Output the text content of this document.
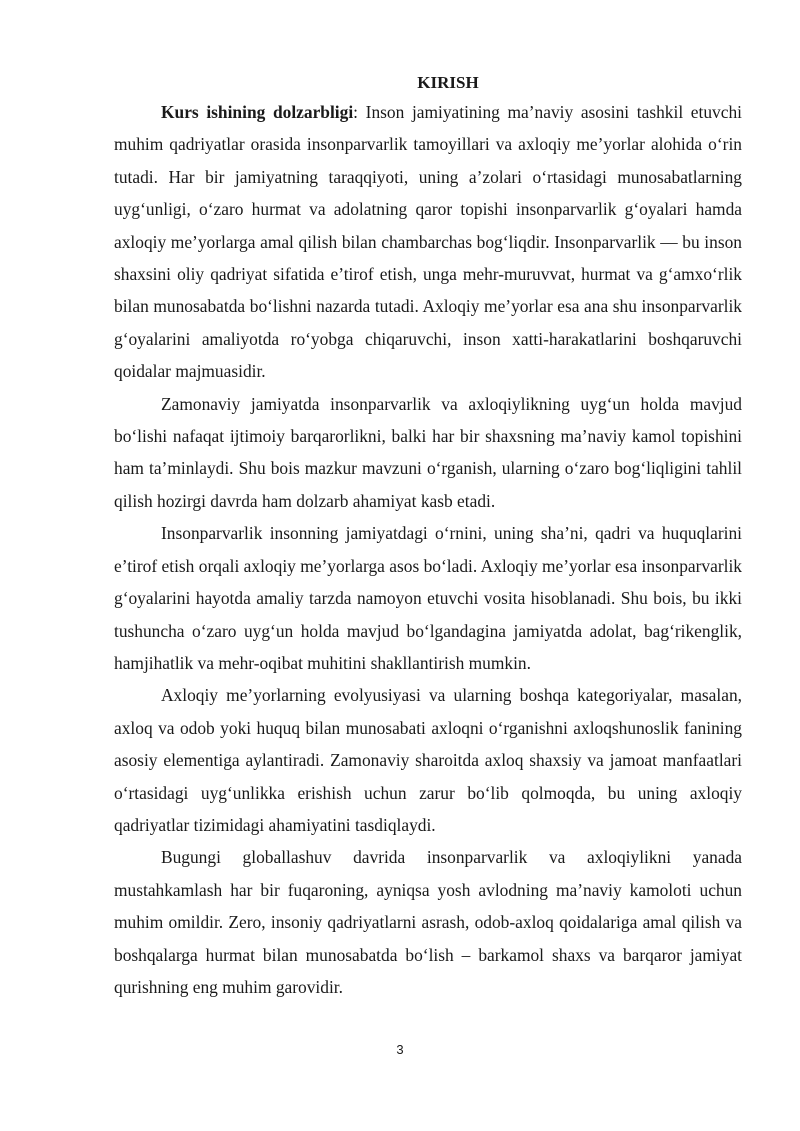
KIRISH

Kurs ishining dolzarbligi: Inson jamiyatining ma’naviy asosini tashkil etuvchi muhim qadriyatlar orasida insonparvarlik tamoyillari va axloqiy me’yorlar alohida o‘rin tutadi. Har bir jamiyatning taraqqiyoti, uning a’zolari o‘rtasidagi munosabatlarning uyg‘unligi, o‘zaro hurmat va adolatning qaror topishi insonparvarlik g‘oyalari hamda axloqiy me’yorlarga amal qilish bilan chambarchas bog‘liqdir. Insonparvarlik — bu inson shaxsini oliy qadriyat sifatida e’tirof etish, unga mehr-muruvvat, hurmat va g‘amxo‘rlik bilan munosabatda bo‘lishni nazarda tutadi. Axloqiy me’yorlar esa ana shu insonparvarlik g‘oyalarini amaliyotda ro‘yobga chiqaruvchi, inson xatti-harakatlarini boshqaruvchi qoidalar majmuasidir.

Zamonaviy jamiyatda insonparvarlik va axloqiylikning uyg‘un holda mavjud bo‘lishi nafaqat ijtimoiy barqarorlikni, balki har bir shaxsning ma’naviy kamol topishini ham ta’minlaydi. Shu bois mazkur mavzuni o‘rganish, ularning o‘zaro bog‘liqligini tahlil qilish hozirgi davrda ham dolzarb ahamiyat kasb etadi.

Insonparvarlik insonning jamiyatdagi o‘rnini, uning sha’ni, qadri va huquqlarini e’tirof etish orqali axloqiy me’yorlarga asos bo‘ladi. Axloqiy me’yorlar esa insonparvarlik g‘oyalarini hayotda amaliy tarzda namoyon etuvchi vosita hisoblanadi. Shu bois, bu ikki tushuncha o‘zaro uyg‘un holda mavjud bo‘lgandagina jamiyatda adolat, bag‘rikenglik, hamjihatlik va mehr-oqibat muhitini shakllantirish mumkin.

Axloqiy me’yorlarning evolyusiyasi va ularning boshqa kategoriyalar, masalan, axloq va odob yoki huquq bilan munosabati axloqni o‘rganishni axloqshunoslik fanining asosiy elementiga aylantiradi. Zamonaviy sharoitda axloq shaxsiy va jamoat manfaatlari o‘rtasidagi uyg‘unlikka erishish uchun zarur bo‘lib qolmoqda, bu uning axloqiy qadriyatlar tizimidagi ahamiyatini tasdiqlaydi.

Bugungi globallashuv davrida insonparvarlik va axloqiylikni yanada mustahkamlash har bir fuqaroning, ayniqsa yosh avlodning ma’naviy kamoloti uchun muhim omildir. Zero, insoniy qadriyatlarni asrash, odob-axloq qoidalariga amal qilish va boshqalarga hurmat bilan munosabatda bo‘lish – barkamol shaxs va barqaror jamiyat qurishning eng muhim garovidir.

3
